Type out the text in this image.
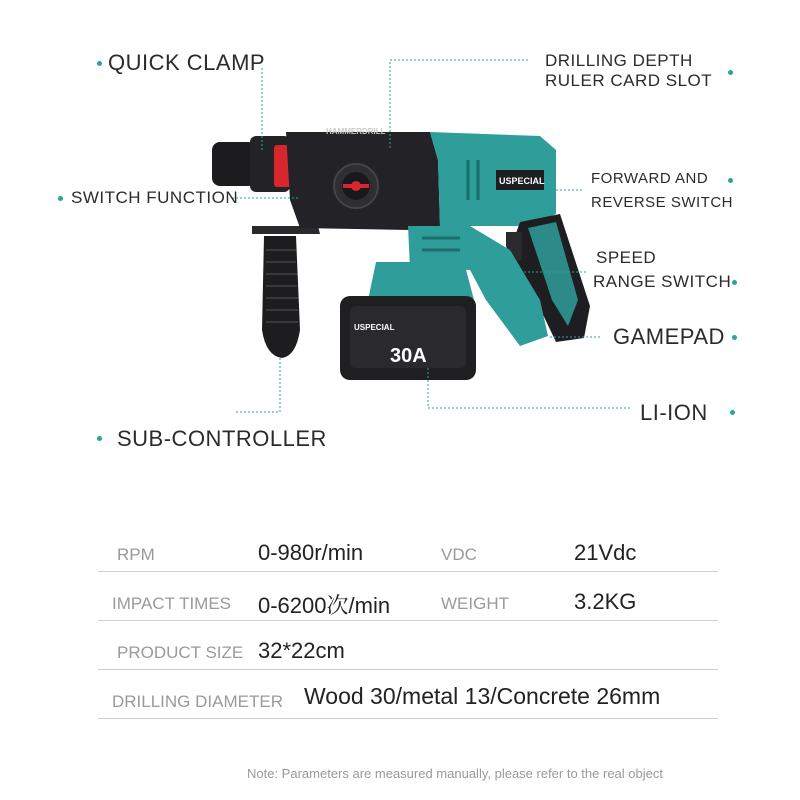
HAMMERDRILL
USPECIAL
USPECIAL
30A
QUICK CLAMP	DRILLING DEPTH
RULER CARD SLOT
SWITCH FUNCTION
FORWARD AND
REVERSE SWITCH
SPEED
RANGE SWITCH
GAMEPAD
LI-ION
SUB-CONTROLLER
RPM	0-980r/min	VDC	21Vdc
IMPACT TIMES 0-6200次/min	WEIGHT	3.2KG
PRODUCT SIZE 32*22cm
DRILLING DIAMETER Wood 30/metal 13/Concrete 26mm
Note: Parameters are measured manually, please refer to the real object
